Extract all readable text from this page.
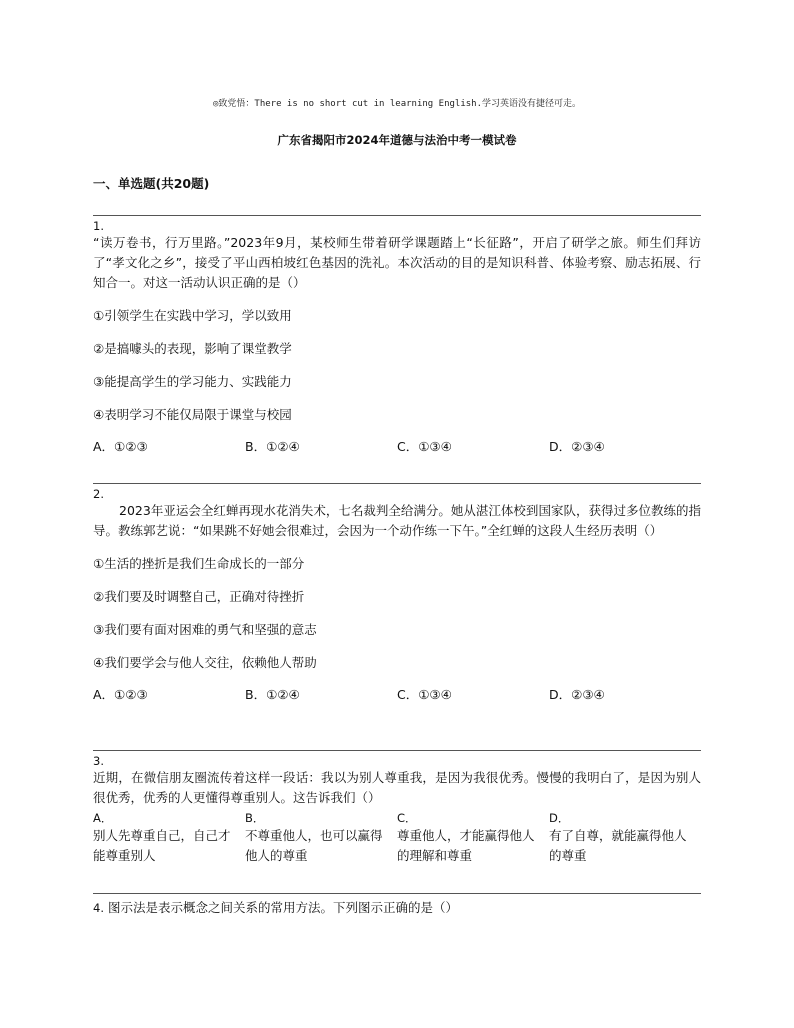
◎致党悟：There is no short cut in learning English.学习英语没有捷径可走。
广东省揭阳市2024年道德与法治中考一模试卷
一、单选题(共20题)
1.
“读万卷书，行万里路。”2023年9月，某校师生带着研学课题踏上“长征路”，开启了研学之旅。师生们拜访了“孝文化之乡”，接受了平山西柏坡红色基因的洗礼。本次活动的目的是知识科普、体验考察、励志拓展、行知合一。对这一活动认识正确的是（）
①引领学生在实践中学习，学以致用
②是搞噱头的表现，影响了课堂教学
③能提高学生的学习能力、实践能力
④表明学习不能仅局限于课堂与校园
A．①②③	B．①②④	C．①③④	D．②③④
2.
2023年亚运会全红蝉再现水花消失术，七名裁判全给满分。她从湛江体校到国家队，获得过多位教练的指导。教练郭艺说：“如果跳不好她会很难过，会因为一个动作练一下午。”全红蝉的这段人生经历表明（）
①生活的挫折是我们生命成长的一部分
②我们要及时调整自己，正确对待挫折
③我们要有面对困难的勇气和坚强的意志
④我们要学会与他人交往，依赖他人帮助
A．①②③	B．①②④	C．①③④	D．②③④
3.
近期，在微信朋友圈流传着这样一段话：我以为别人尊重我，是因为我很优秀。慢慢的我明白了，是因为别人很优秀，优秀的人更懂得尊重别人。这告诉我们（）
A．
别人先尊重自己，自己才能尊重别人
B．
不尊重他人，也可以赢得他人的尊重
C．
尊重他人，才能赢得他人的理解和尊重
D．
有了自尊，就能赢得他人的尊重
4. 图示法是表示概念之间关系的常用方法。下列图示正确的是（）
